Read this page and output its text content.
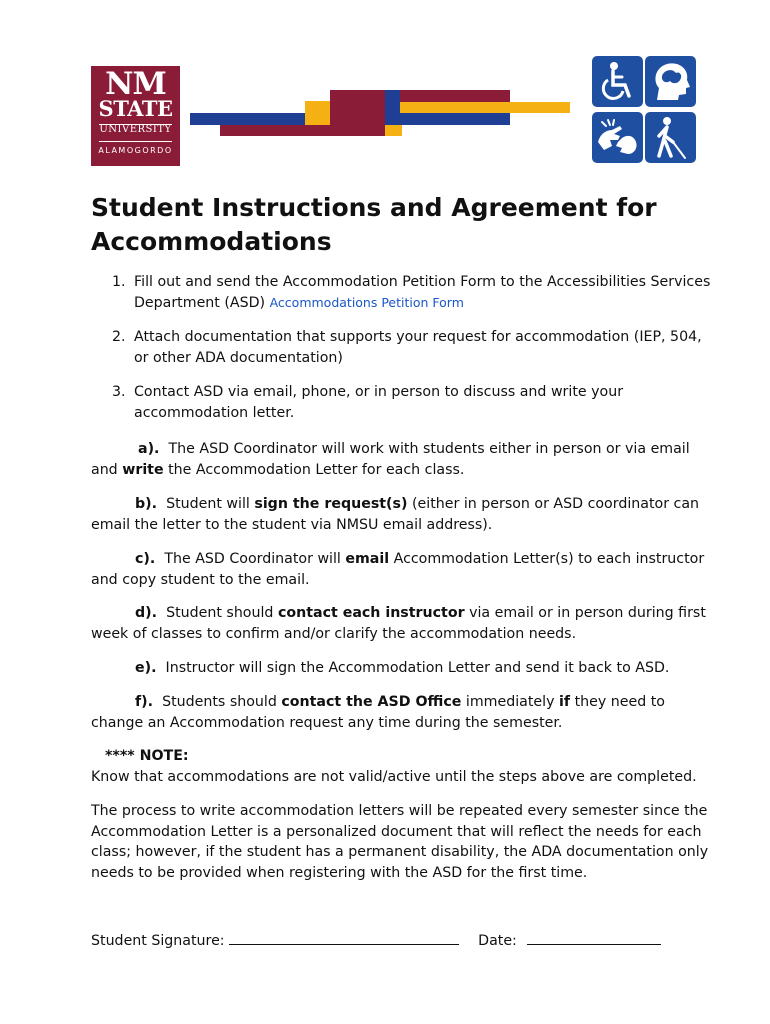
NM
STATE
UNIVERSITY
ALAMOGORDO
Student Instructions and Agreement for Accommodations
1. Fill out and send the Accommodation Petition Form to the Accessibilities Services Department (ASD) Accommodations Petition Form
2. Attach documentation that supports your request for accommodation (IEP, 504, or other ADA documentation)
3. Contact ASD via email, phone, or in person to discuss and write your accommodation letter.
a). The ASD Coordinator will work with students either in person or via email and write the Accommodation Letter for each class.
b). Student will sign the request(s) (either in person or ASD coordinator can email the letter to the student via NMSU email address).
c). The ASD Coordinator will email Accommodation Letter(s) to each instructor and copy student to the email.
d). Student should contact each instructor via email or in person during first week of classes to confirm and/or clarify the accommodation needs.
e). Instructor will sign the Accommodation Letter and send it back to ASD.
f). Students should contact the ASD Office immediately if they need to change an Accommodation request any time during the semester.
**** NOTE:
Know that accommodations are not valid/active until the steps above are completed.
The process to write accommodation letters will be repeated every semester since the Accommodation Letter is a personalized document that will reflect the needs for each class; however, if the student has a permanent disability, the ADA documentation only needs to be provided when registering with the ASD for the first time.
Student Signature:	Date:
